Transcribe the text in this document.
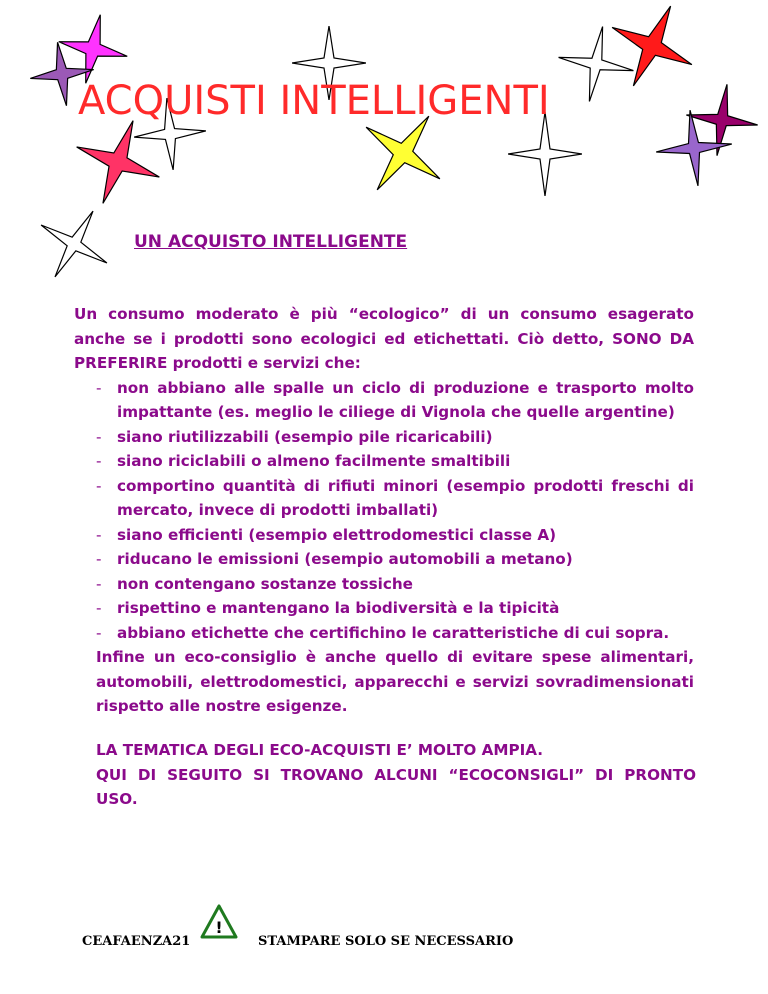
ACQUISTI INTELLIGENTI
UN ACQUISTO INTELLIGENTE

Un consumo moderato è più “ecologico” di un consumo esagerato anche se i prodotti sono ecologici ed etichettati. Ciò detto, SONO DA PREFERIRE prodotti e servizi che:

- non abbiano alle spalle un ciclo di produzione e trasporto molto impattante (es. meglio le ciliege di Vignola che quelle argentine)
- siano riutilizzabili (esempio pile ricaricabili)
- siano riciclabili o almeno facilmente smaltibili
- comportino quantità di rifiuti minori (esempio prodotti freschi di mercato, invece di prodotti imballati)
- siano efficienti (esempio elettrodomestici classe A)
- riducano le emissioni (esempio automobili a metano)
- non contengano sostanze tossiche
- rispettino e mantengano la biodiversità e la tipicità
- abbiano etichette che certifichino le caratteristiche di cui sopra.

Infine un eco-consiglio è anche quello di evitare spese alimentari, automobili, elettrodomestici, apparecchi e servizi sovradimensionati rispetto alle nostre esigenze.

LA TEMATICA DEGLI ECO-ACQUISTI E’ MOLTO AMPIA.

QUI DI SEGUITO SI TROVANO ALCUNI “ECOCONSIGLI” DI PRONTO USO.

CEAFAENZA21

!

STAMPARE SOLO SE NECESSARIO
